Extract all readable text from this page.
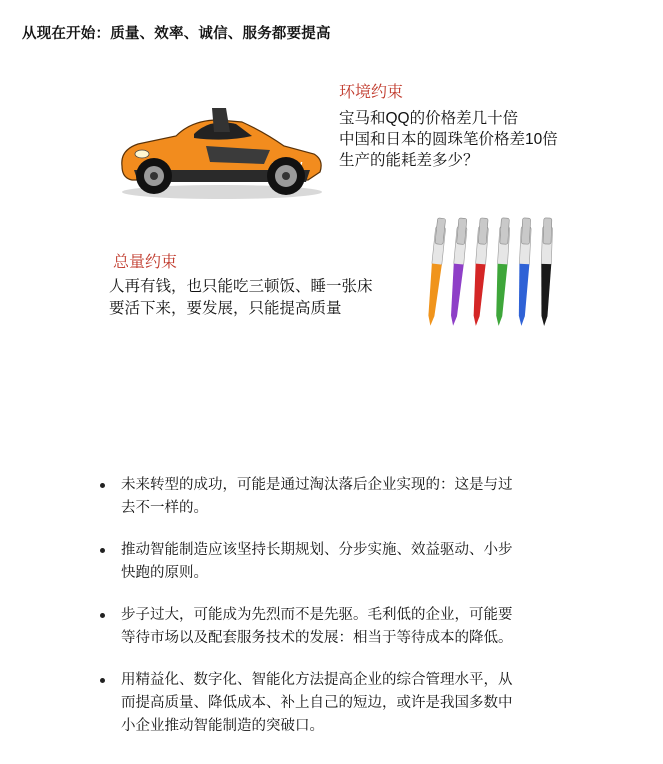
从现在开始：质量、效率、诚信、服务都要提高
环境约束
宝马和QQ的价格差几十倍
中国和日本的圆珠笔价格差10倍
生产的能耗差多少？
总量约束
人再有钱，也只能吃三顿饭、睡一张床
要活下来，要发展，只能提高质量
未来转型的成功，可能是通过淘汰落后企业实现的：这是与过
去不一样的。
推动智能制造应该坚持长期规划、分步实施、效益驱动、小步
快跑的原则。
步子过大，可能成为先烈而不是先驱。毛利低的企业，可能要
等待市场以及配套服务技术的发展：相当于等待成本的降低。
用精益化、数字化、智能化方法提高企业的综合管理水平，从
而提高质量、降低成本、补上自己的短边，或许是我国多数中
小企业推动智能制造的突破口。
